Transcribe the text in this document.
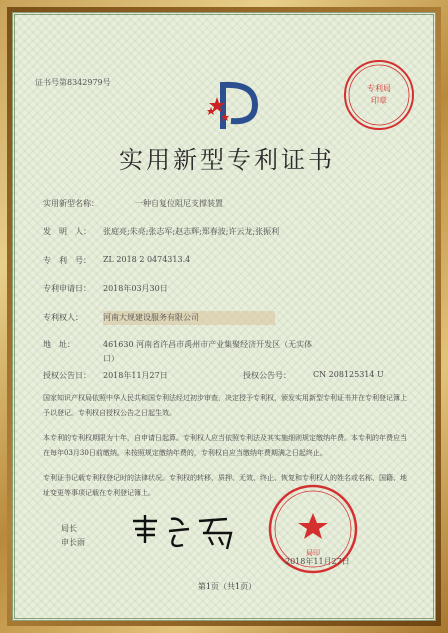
证书号第8342979号
专利局
印章
实用新型专利证书
实用新型名称：	一种自复位阻尼支撑装置
发　明　人： 张庭亮;朱亮;张志军;赵志辉;郑春波;许云龙;张振利
专　利　号： ZL 2018 2 0474313.4
专利申请日： 2018年03月30日
专利权人：	河南大规建设服务有限公司
地　址：	461630 河南省许昌市禹州市产业集聚经济开发区（无实体
口）
授权公告日： 2018年11月27日	授权公告号：	CN 208125314 U
国家知识产权局依照中华人民共和国专利法经过初步审查，决定授予专利权，颁发实用新型专利证书并在专利登记簿上予以登记。专利权自授权公告之日起生效。
本专利的专利权期限为十年，自申请日起算。专利权人应当依照专利法及其实施细则规定缴纳年费。本专利的年费应当在每年03月30日前缴纳。未按照规定缴纳年费的，专利权自应当缴纳年费期满之日起终止。
专利证书记载专利权登记时的法律状况。专利权的转移、质押、无效、终止、恢复和专利权人的姓名或名称、国籍、地址变更等事项记载在专利登记簿上。
局长
申长雨
局印
2018年11月27日
第1页（共1页）
